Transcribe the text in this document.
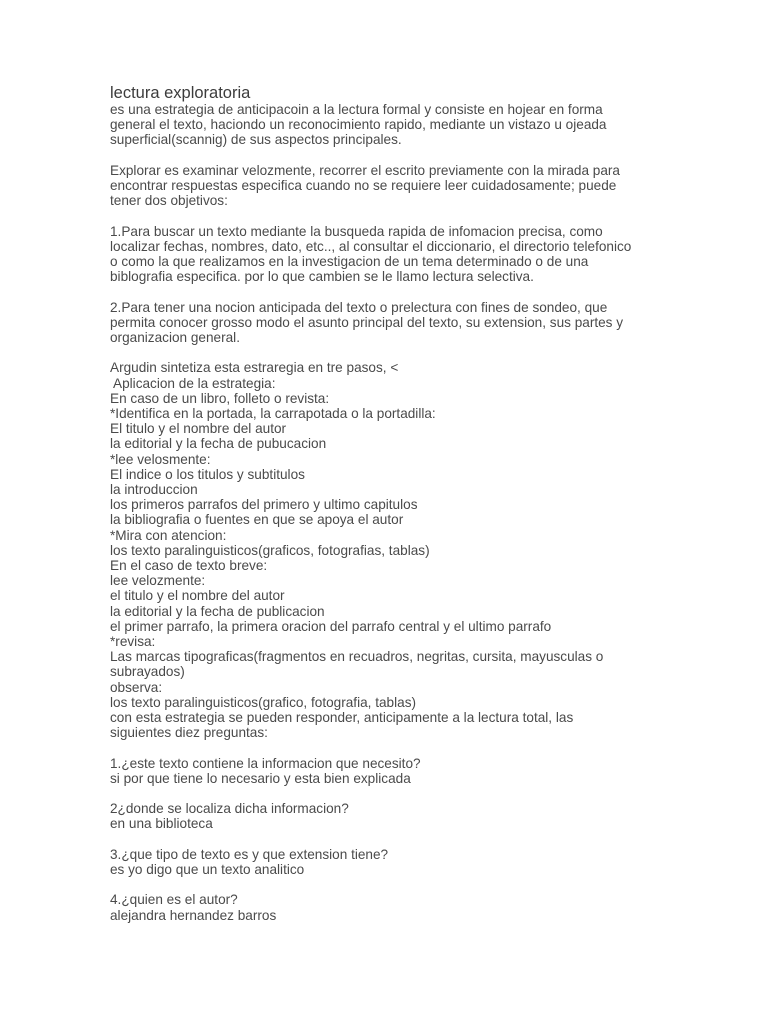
lectura exploratoria
es una estrategia de anticipacoin a la lectura formal y consiste en hojear en forma
general el texto, haciondo un reconocimiento rapido, mediante un vistazo u ojeada
superficial(scannig) de sus aspectos principales.
Explorar es examinar velozmente, recorrer el escrito previamente con la mirada para
encontrar respuestas especifica cuando no se requiere leer cuidadosamente; puede
tener dos objetivos:
1.Para buscar un texto mediante la busqueda rapida de infomacion precisa, como
localizar fechas, nombres, dato, etc.., al consultar el diccionario, el directorio telefonico
o como la que realizamos en la investigacion de un tema determinado o de una
biblografia especifica. por lo que cambien se le llamo lectura selectiva.
2.Para tener una nocion anticipada del texto o prelectura con fines de sondeo, que
permita conocer grosso modo el asunto principal del texto, su extension, sus partes y
organizacion general.
Argudin sintetiza esta estraregia en tre pasos, <
Aplicacion de la estrategia:
En caso de un libro, folleto o revista:
*Identifica en la portada, la carrapotada o la portadilla:
El titulo y el nombre del autor
la editorial y la fecha de pubucacion
*lee velosmente:
El indice o los titulos y subtitulos
la introduccion
los primeros parrafos del primero y ultimo capitulos
la bibliografia o fuentes en que se apoya el autor
*Mira con atencion:
los texto paralinguisticos(graficos, fotografias, tablas)
En el caso de texto breve:
lee velozmente:
el titulo y el nombre del autor
la editorial y la fecha de publicacion
el primer parrafo, la primera oracion del parrafo central y el ultimo parrafo
*revisa:
Las marcas tipograficas(fragmentos en recuadros, negritas, cursita, mayusculas o
subrayados)
observa:
los texto paralinguisticos(grafico, fotografia, tablas)
con esta estrategia se pueden responder, anticipamente a la lectura total, las
siguientes diez preguntas:
1.¿este texto contiene la informacion que necesito?
si por que tiene lo necesario y esta bien explicada
2¿donde se localiza dicha informacion?
en una biblioteca
3.¿que tipo de texto es y que extension tiene?
es yo digo que un texto analitico
4.¿quien es el autor?
alejandra hernandez barros
